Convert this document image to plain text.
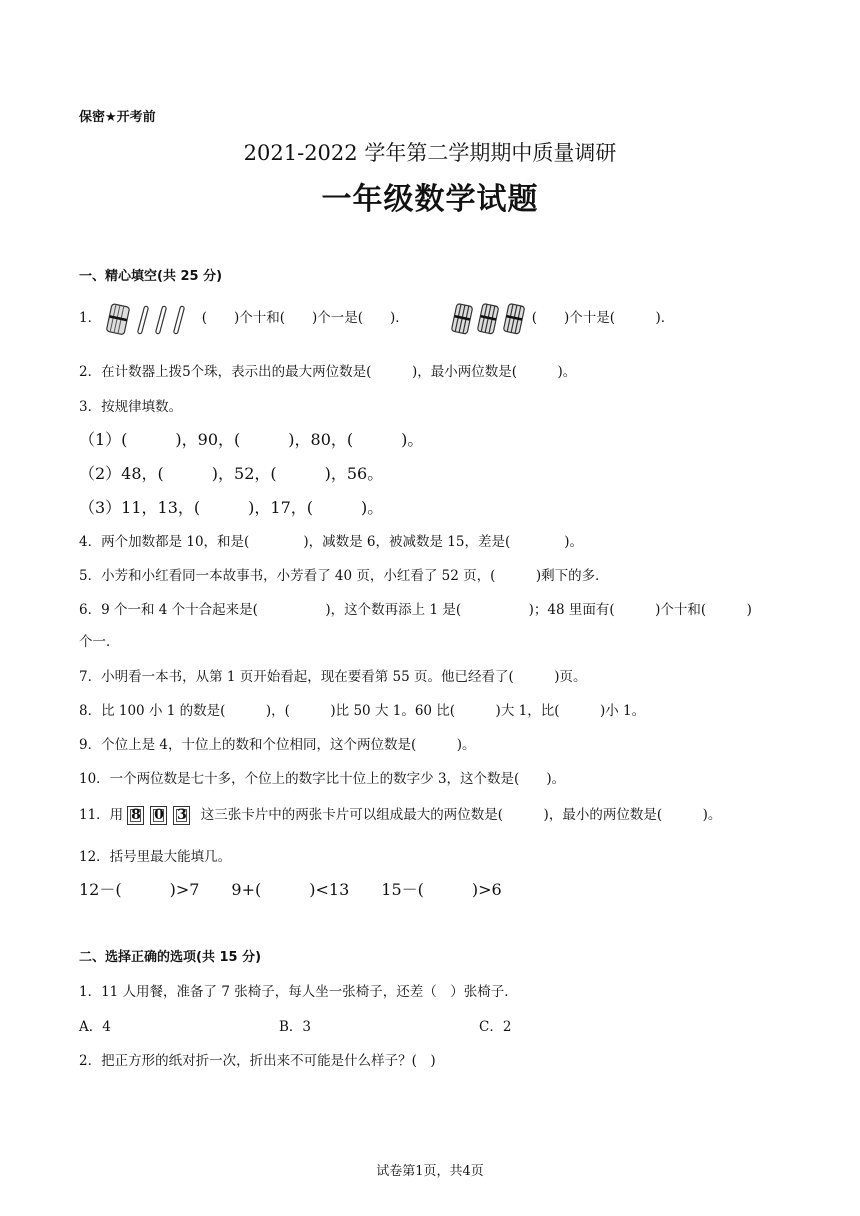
保密★开考前
2021-2022 学年第二学期期中质量调研
一年级数学试题
一、精心填空(共 25 分)
1．	(　　)个十和(　　)个一是(　　)．	(　　)个十是(　　　)．
2．在计数器上拨5个珠，表示出的最大两位数是(　　　)，最小两位数是(　　　)。
3．按规律填数。
（1）(　　　)，90，(　　　)，80，(　　　)。
（2）48，(　　　)，52，(　　　)，56。
（3）11，13，(　　　)，17，(　　　)。
4．两个加数都是 10，和是(　　　　)，减数是 6，被减数是 15，差是(　　　　)。
5．小芳和小红看同一本故事书，小芳看了 40 页，小红看了 52 页，(　　　)剩下的多．
6．9 个一和 4 个十合起来是(　　　　　)，这个数再添上 1 是(　　　　　)；48 里面有(　　　)个十和(　　　)
个一．
7．小明看一本书，从第 1 页开始看起，现在要看第 55 页。他已经看了(　　　)页。
8．比 100 小 1 的数是(　　　)，(　　　)比 50 大 1。60 比(　　　)大 1，比(　　　)小 1。
9．个位上是 4，十位上的数和个位相同，这个两位数是(　　　)。
10．一个两位数是七十多，个位上的数字比十位上的数字少 3，这个数是(　　)。
11．用 8 0 3 这三张卡片中的两张卡片可以组成最大的两位数是(　　　)，最小的两位数是(　　　)。
12．括号里最大能填几。
12－(　　　)>7　　9+(　　　)<13　　15－(　　　)>6
二、选择正确的选项(共 15 分)
1．11 人用餐，准备了 7 张椅子，每人坐一张椅子，还差（　）张椅子．
A．4	B．3	C．2
2．把正方形的纸对折一次，折出来不可能是什么样子？(　)
试卷第1页，共4页
